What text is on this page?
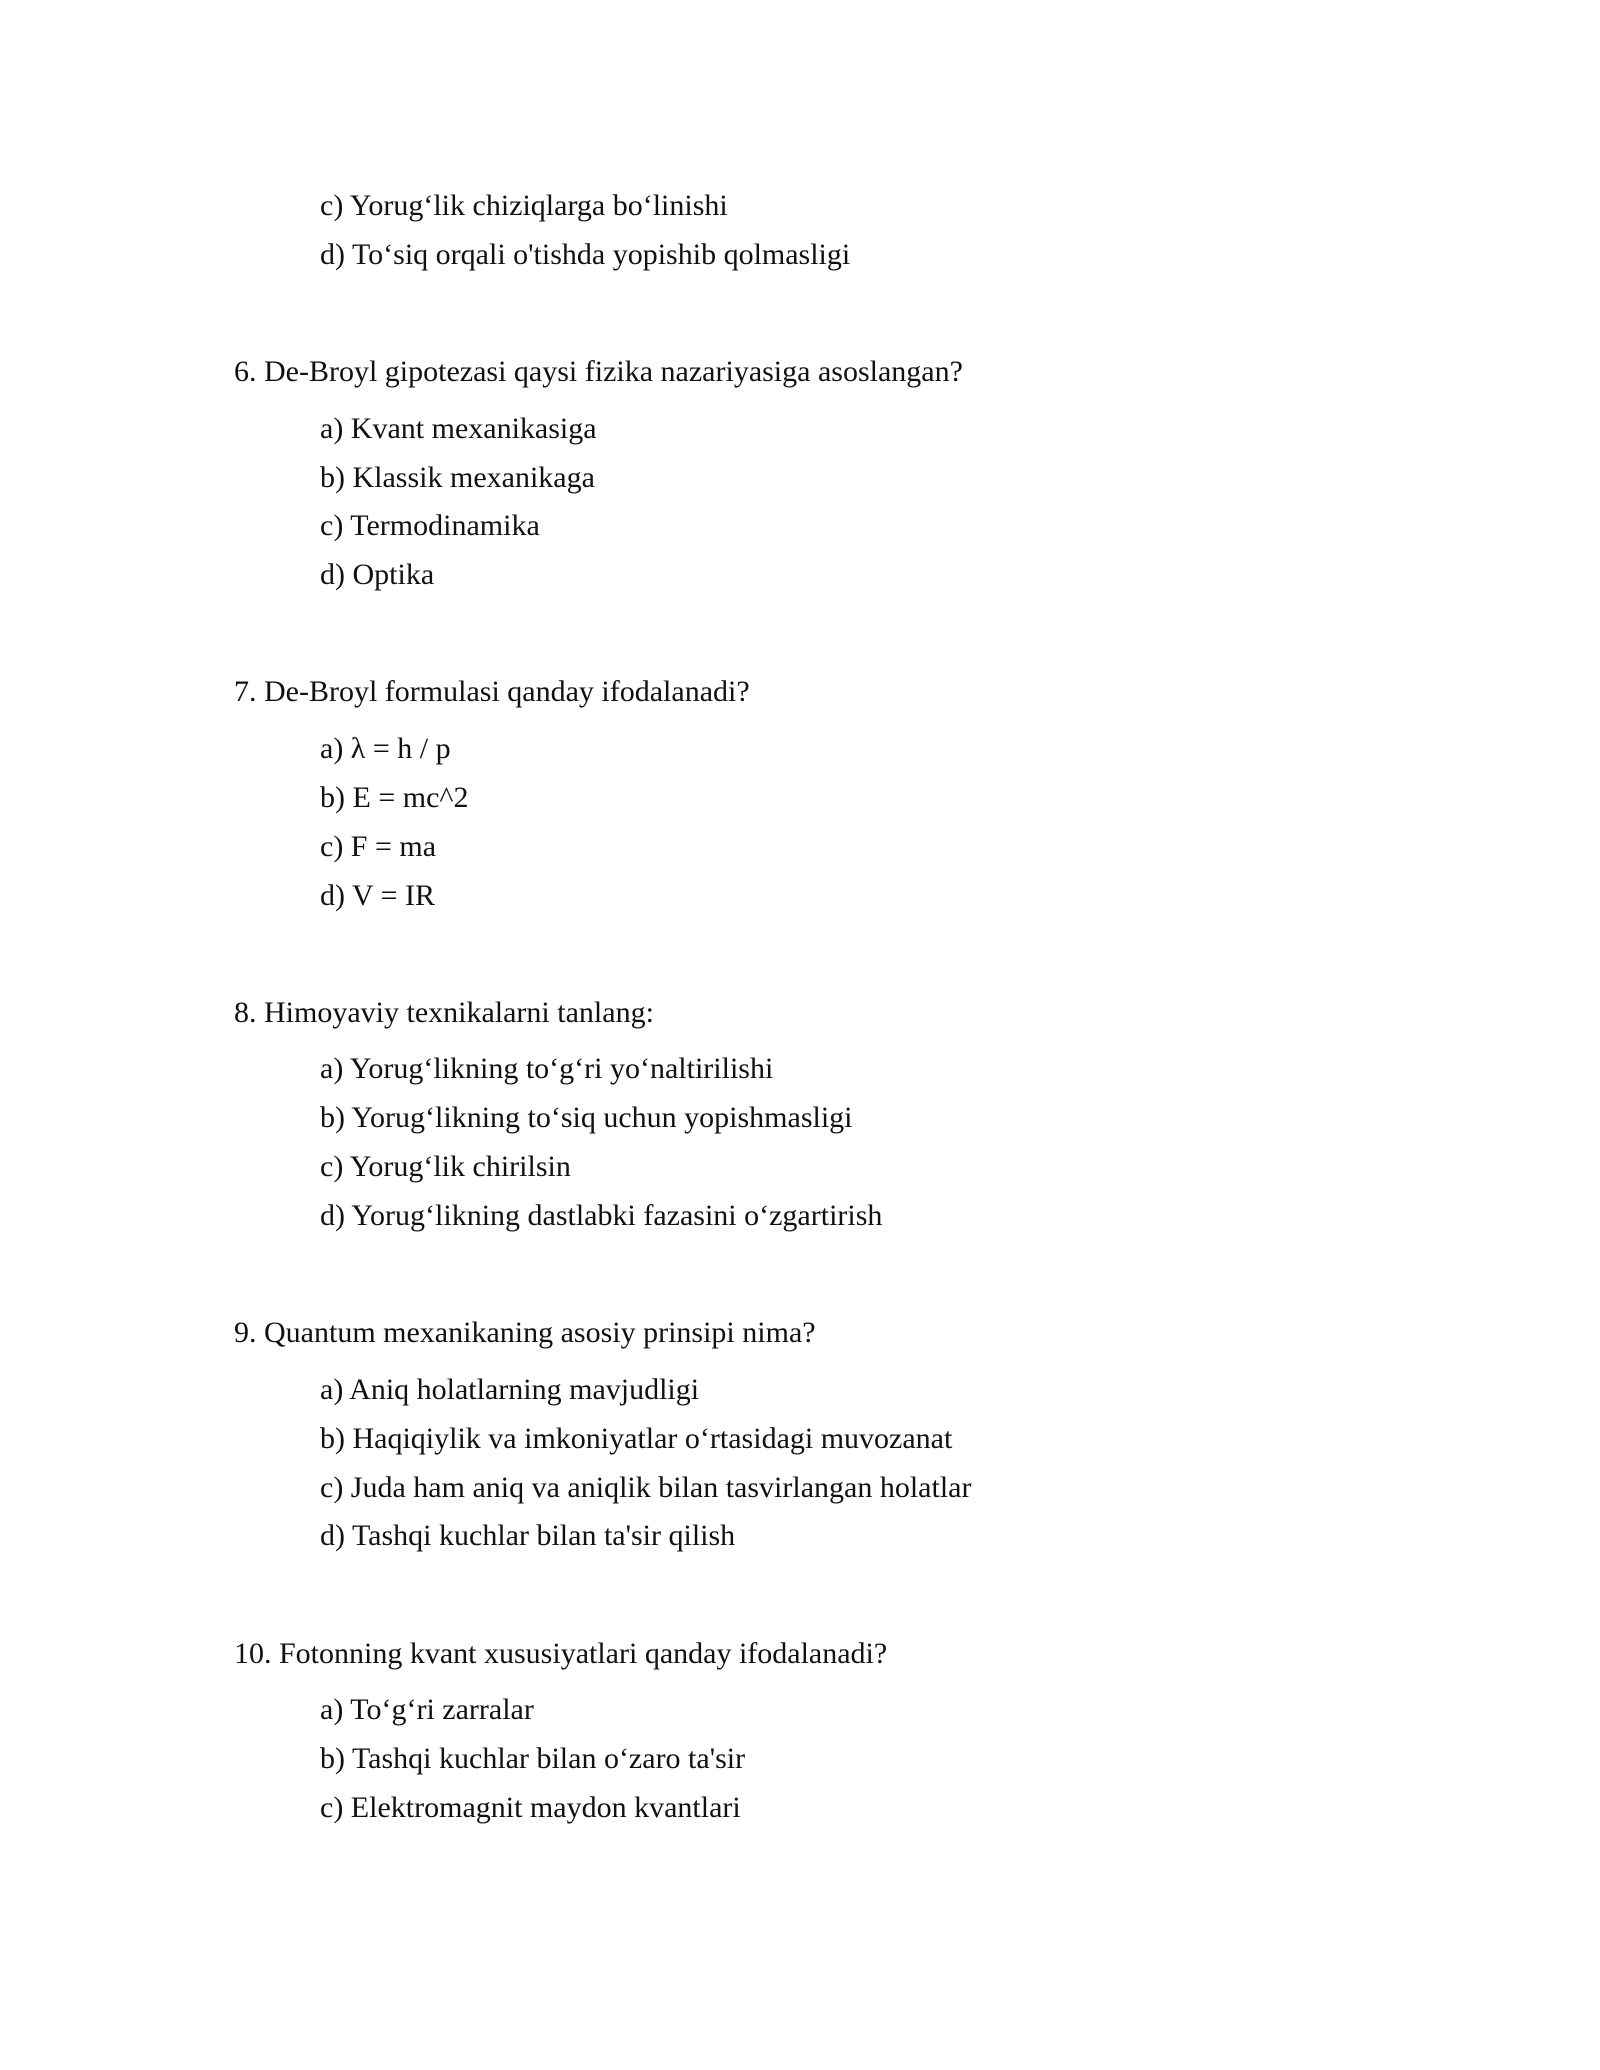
c) Yorug‘lik chiziqlarga bo‘linishi
d) To‘siq orqali o'tishda yopishib qolmasligi
6. De-Broyl gipotezasi qaysi fizika nazariyasiga asoslangan?
a) Kvant mexanikasiga
b) Klassik mexanikaga
c) Termodinamika
d) Optika
7. De-Broyl formulasi qanday ifodalanadi?
a) λ = h / p
b) E = mc^2
c) F = ma
d) V = IR
8. Himoyaviy texnikalarni tanlang:
a) Yorug‘likning to‘g‘ri yo‘naltirilishi
b) Yorug‘likning to‘siq uchun yopishmasligi
c) Yorug‘lik chirilsin
d) Yorug‘likning dastlabki fazasini o‘zgartirish
9. Quantum mexanikaning asosiy prinsipi nima?
a) Aniq holatlarning mavjudligi
b) Haqiqiylik va imkoniyatlar o‘rtasidagi muvozanat
c) Juda ham aniq va aniqlik bilan tasvirlangan holatlar
d) Tashqi kuchlar bilan ta'sir qilish
10. Fotonning kvant xususiyatlari qanday ifodalanadi?
a) To‘g‘ri zarralar
b) Tashqi kuchlar bilan o‘zaro ta'sir
c) Elektromagnit maydon kvantlari
